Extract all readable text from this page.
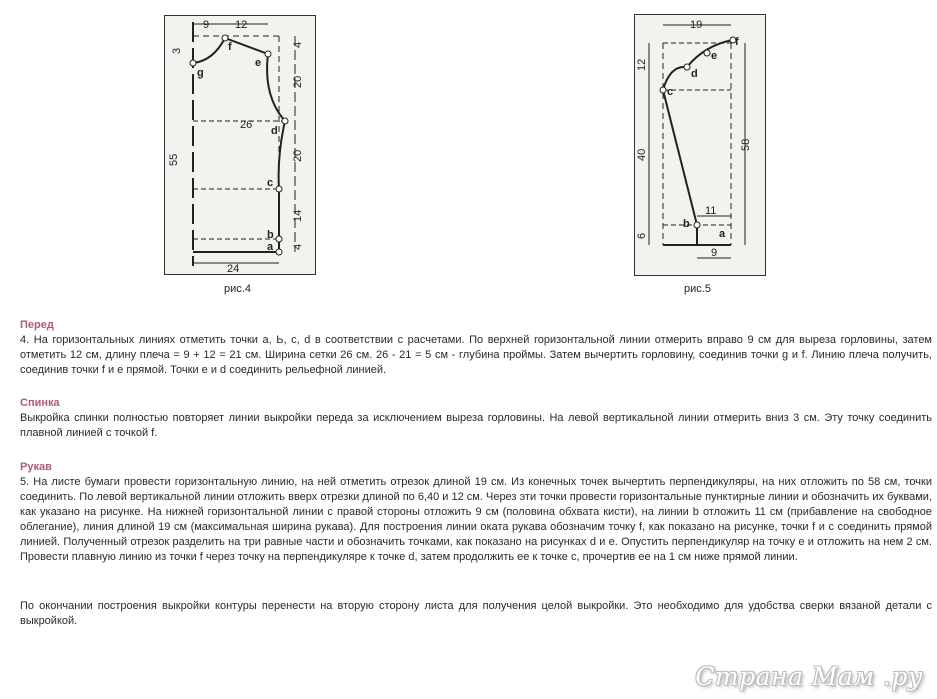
9 12
26
24
55
3
20
20
14
4
4
g
f
e
d
c
b
a
рис.4
19
9
11
12
40
6
58
f
e
d
c
b
a
рис.5
Перед
4. На горизонтальных линиях отметить точки a, Ь, с, d в соответствии с расчетами. По верхней горизонтальной линии отмерить вправо 9 см для выреза горловины, затем отметить 12 см, длину плеча = 9 + 12 = 21 см. Ширина сетки 26 см. 26 - 21 = 5 см - глубина проймы. Затем вычертить горловину, соединив точки g и f. Линию плеча получить, соединив точки f и е прямой. Точки е и d соединить рельефной линией.
Спинка
Выкройка спинки полностью повторяет линии выкройки переда за исключением выреза горловины. На левой вертикальной линии отмерить вниз 3 см. Эту точку соединить плавной линией с точкой f.
Рукав
5. На листе бумаги провести горизонтальную линию, на ней отметить отрезок длиной 19 см. Из конечных точек вычертить перпендикуляры, на них отложить по 58 см, точки соединить. По левой вертикальной линии отложить вверх отрезки длиной по 6,40 и 12 см. Через эти точки провести горизонтальные пунктирные линии и обозначить их буквами, как указано на рисунке. На нижней горизонтальной линии с правой стороны отложить 9 см (половина обхвата кисти), на линии b отложить 11 см (прибавление на свободное облегание), линия длиной 19 см (максимальная ширина рукава). Для построения линии оката рукава обозначим точку f, как показано на рисунке, точки f и с соединить прямой линией. Полученный отрезок разделить на три равные части и обозначить точками, как показано на рисунках d и е. Опустить перпендикуляр на точку е и отложить на нем 2 см. Провести плавную линию из точки f через точку на перпендикуляре к точке d, затем продолжить ее к точке с, прочертив ее на 1 см ниже прямой линии.
По окончании построения выкройки контуры перенести на вторую сторону листа для получения целой выкройки. Это необходимо для удобства сверки вязаной детали с выкройкой.
Страна Мам .ру
